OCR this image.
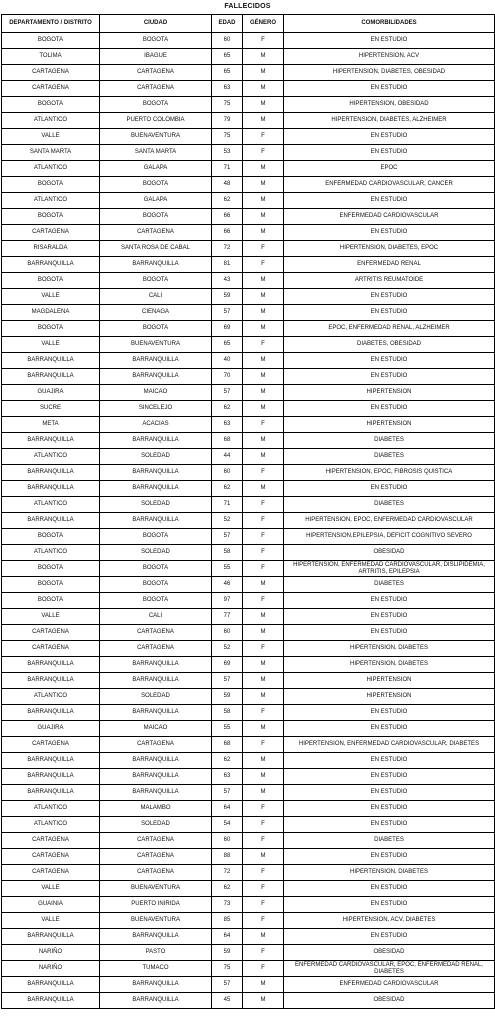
FALLECIDOS
DEPARTAMENTO / DISTRITO	CIUDAD	EDAD	GÉNERO	COMORBILIDADES
BOGOTA	BOGOTA	60	F	EN ESTUDIO
TOLIMA	IBAGUE	65	M	HIPERTENSION, ACV
CARTAGENA	CARTAGENA	65	M	HIPERTENSION, DIABETES, OBESIDAD
CARTAGENA	CARTAGENA	63	M	EN ESTUDIO
BOGOTA	BOGOTA	75	M	HIPERTENSION, OBESIDAD
ATLANTICO	PUERTO COLOMBIA	79	M	HIPERTENSION, DIABETES, ALZHEIMER
VALLE	BUENAVENTURA	75	F	EN ESTUDIO
SANTA MARTA	SANTA MARTA	53	F	EN ESTUDIO
ATLANTICO	GALAPA	71	M	EPOC
BOGOTA	BOGOTA	48	M	ENFERMEDAD CARDIOVASCULAR, CANCER
ATLANTICO	GALAPA	62	M	EN ESTUDIO
BOGOTA	BOGOTA	66	M	ENFERMEDAD CARDIOVASCULAR
CARTAGENA	CARTAGENA	66	M	EN ESTUDIO
RISARALDA	SANTA ROSA DE CABAL	72	F	HIPERTENSION, DIABETES, EPOC
BARRANQUILLA	BARRANQUILLA	81	F	ENFERMEDAD RENAL
BOGOTA	BOGOTA	43	M	ARTRITIS REUMATOIDE
VALLE	CALI	59	M	EN ESTUDIO
MAGDALENA	CIENAGA	57	M	EN ESTUDIO
BOGOTA	BOGOTA	69	M	EPOC, ENFERMEDAD RENAL, ALZHEIMER
VALLE	BUENAVENTURA	65	F	DIABETES, OBESIDAD
BARRANQUILLA	BARRANQUILLA	40	M	EN ESTUDIO
BARRANQUILLA	BARRANQUILLA	70	M	EN ESTUDIO
GUAJIRA	MAICAO	57	M	HIPERTENSION
SUCRE	SINCELEJO	62	M	EN ESTUDIO
META	ACACIAS	63	F	HIPERTENSION
BARRANQUILLA	BARRANQUILLA	68	M	DIABETES
ATLANTICO	SOLEDAD	44	M	DIABETES
BARRANQUILLA	BARRANQUILLA	60	F	HIPERTENSION, EPOC, FIBROSIS QUISTICA
BARRANQUILLA	BARRANQUILLA	62	M	EN ESTUDIO
ATLANTICO	SOLEDAD	71	F	DIABETES
BARRANQUILLA	BARRANQUILLA	52	F	HIPERTENSION, EPOC, ENFERMEDAD CARDIOVASCULAR
BOGOTA	BOGOTA	57	F	HIPERTENSION,EPILEPSIA, DEFICIT COGNITIVO SEVERO
ATLANTICO	SOLEDAD	58	F	OBESIDAD
BOGOTA	BOGOTA	55	F	HIPERTENSION, ENFERMEDAD CARDIOVASCULAR, DISLIPIDEMIA, ARTRITIS, EPILEPSIA
BOGOTA	BOGOTA	46	M	DIABETES
BOGOTA	BOGOTA	97	F	EN ESTUDIO
VALLE	CALI	77	M	EN ESTUDIO
CARTAGENA	CARTAGENA	60	M	EN ESTUDIO
CARTAGENA	CARTAGENA	52	F	HIPERTENSION, DIABETES
BARRANQUILLA	BARRANQUILLA	69	M	HIPERTENSION, DIABETES
BARRANQUILLA	BARRANQUILLA	57	M	HIPERTENSION
ATLANTICO	SOLEDAD	59	M	HIPERTENSION
BARRANQUILLA	BARRANQUILLA	58	F	EN ESTUDIO
GUAJIRA	MAICAO	55	M	EN ESTUDIO
CARTAGENA	CARTAGENA	68	F	HIPERTENSION, ENFERMEDAD CARDIOVASCULAR, DIABETES
BARRANQUILLA	BARRANQUILLA	62	M	EN ESTUDIO
BARRANQUILLA	BARRANQUILLA	63	M	EN ESTUDIO
BARRANQUILLA	BARRANQUILLA	57	M	EN ESTUDIO
ATLANTICO	MALAMBO	64	F	EN ESTUDIO
ATLANTICO	SOLEDAD	54	F	EN ESTUDIO
CARTAGENA	CARTAGENA	60	F	DIABETES
CARTAGENA	CARTAGENA	88	M	EN ESTUDIO
CARTAGENA	CARTAGENA	72	F	HIPERTENSION, DIABETES
VALLE	BUENAVENTURA	62	F	EN ESTUDIO
GUAINIA	PUERTO INIRIDA	73	F	EN ESTUDIO
VALLE	BUENAVENTURA	85	F	HIPERTENSION, ACV, DIABETES
BARRANQUILLA	BARRANQUILLA	64	M	EN ESTUDIO
NARIÑO	PASTO	59	F	OBESIDAD
NARIÑO	TUMACO	75	F	ENFERMEDAD CARDIOVASCULAR, EPOC, ENFERMEDAD RENAL, DIABETES
BARRANQUILLA	BARRANQUILLA	57	M	ENFERMEDAD CARDIOVASCULAR
BARRANQUILLA	BARRANQUILLA	45	M	OBESIDAD
